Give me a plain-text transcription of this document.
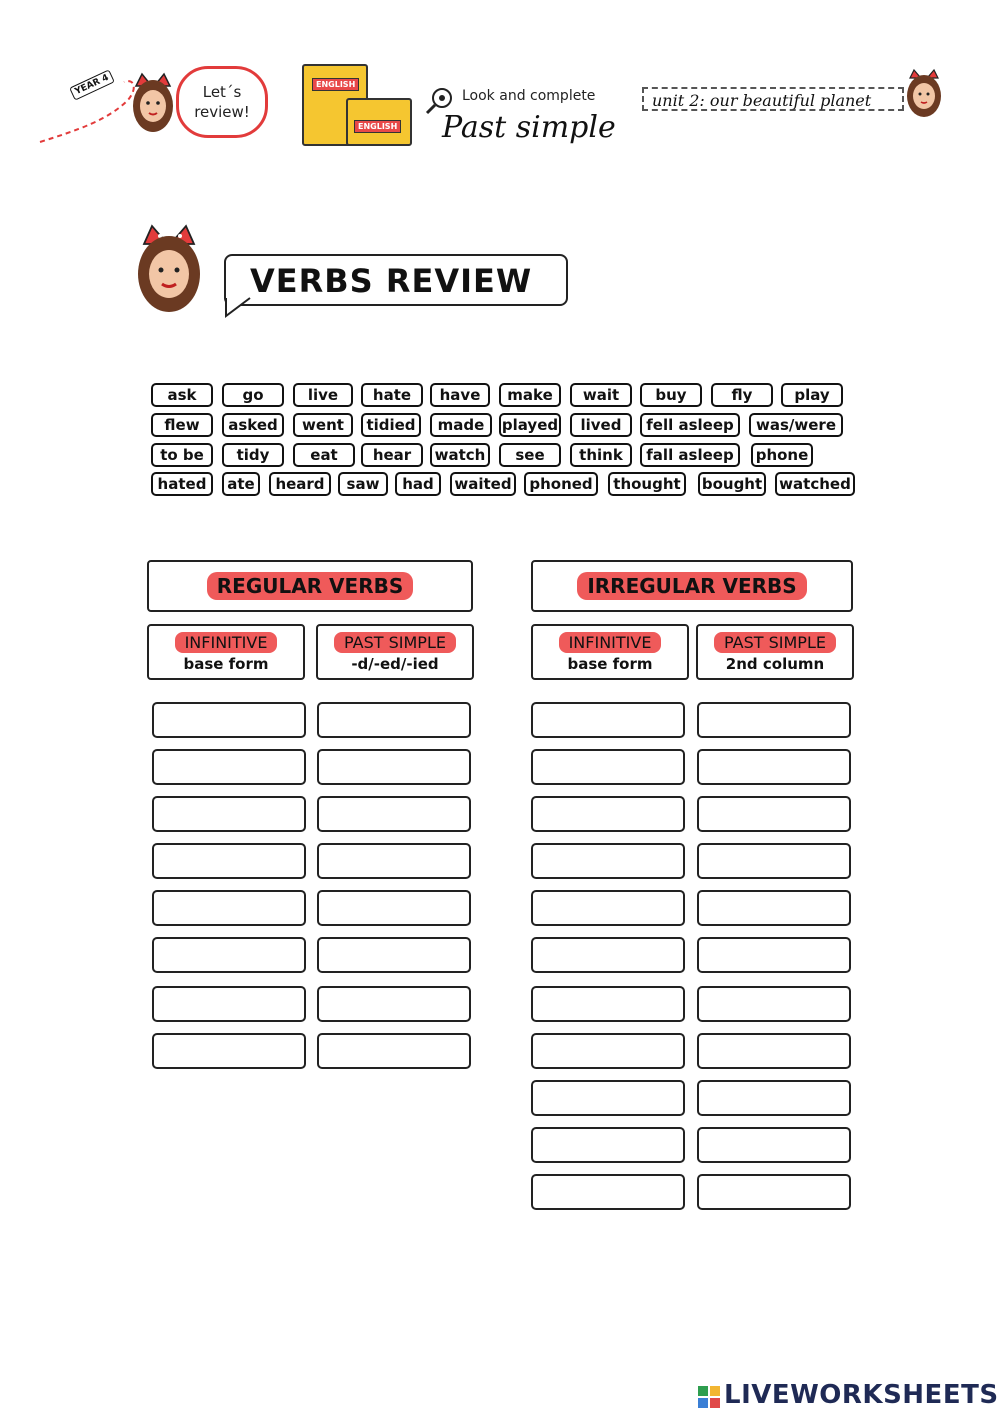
YEAR 4	Let´s
review!
ENGLISH
ENGLISH
Look and complete
Past simple
unit 2: our beautiful planet
VERBS REVIEW
ask	go	live	hate	have	make	wait	buy	fly	play
flew	asked	went	tidied	made	played	lived	fell asleep	was/were
to be	tidy	eat	hear	watch	see	think	fall asleep	phone
hated	ate	heard	saw	had	waited	phoned	thought	bought watched
REGULAR VERBS
INFINITIVE
base form
PAST SIMPLE
-d/-ed/-ied
IRREGULAR VERBS
INFINITIVE
base form
PAST SIMPLE
2nd column
LIVEWORKSHEETS
